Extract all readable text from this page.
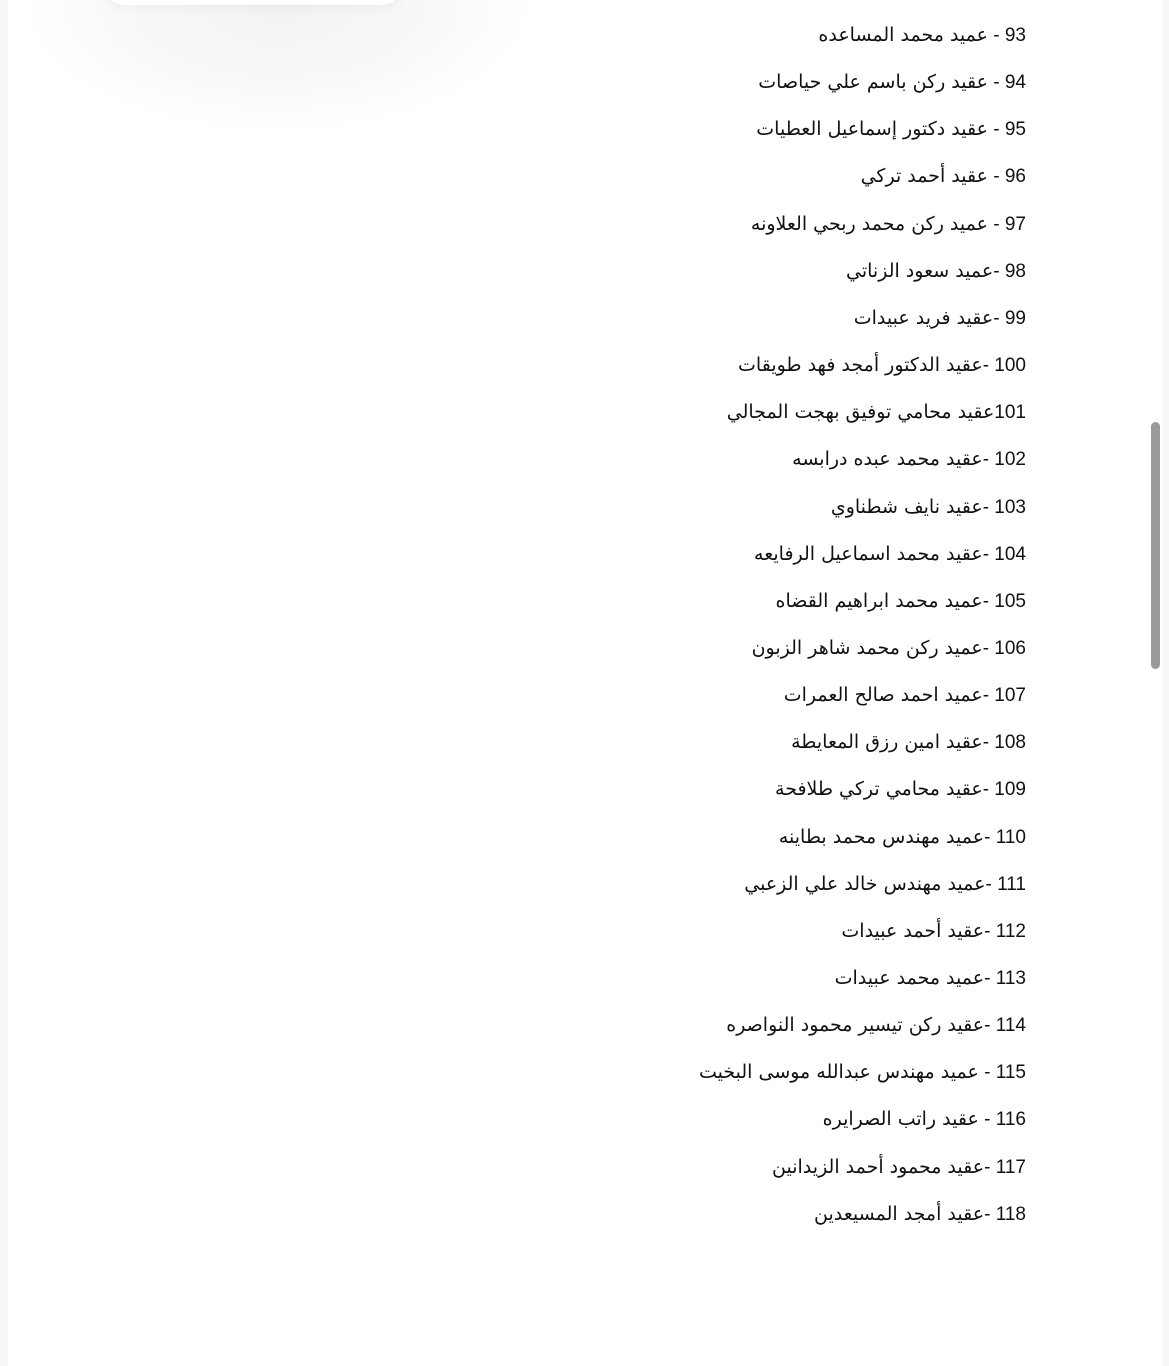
93 - عميد محمد المساعده
94 - عقيد ركن باسم علي حياصات
95 - عقيد دكتور إسماعيل العطيات
96 - عقيد أحمد تركي
97 - عميد ركن محمد ربحي العلاونه
98 -عميد سعود الزناتي
99 -عقيد فريد عبيدات
100 -عقيد الدكتور أمجد فهد طويقات
101عقيد محامي توفيق بهجت المجالي
102 -عقيد محمد عبده درابسه
103 -عقيد نايف شطناوي
104 -عقيد محمد اسماعيل الرفايعه
105 -عميد محمد ابراهيم القضاه
106 -عميد ركن محمد شاهر الزبون
107 -عميد احمد صالح العمرات
108 -عقيد امين رزق المعايطة
109 -عقيد محامي تركي طلافحة
110 -عميد مهندس محمد بطاينه
111 -عميد مهندس خالد علي الزعبي
112 -عقيد أحمد عبيدات
113 -عميد محمد عبيدات
114 -عقيد ركن تيسير محمود النواصره
115 - عميد مهندس عبدالله موسى البخيت
116 - عقيد راتب الصرايره
117 -عقيد محمود أحمد الزيدانين
118 -عقيد أمجد المسيعدين
